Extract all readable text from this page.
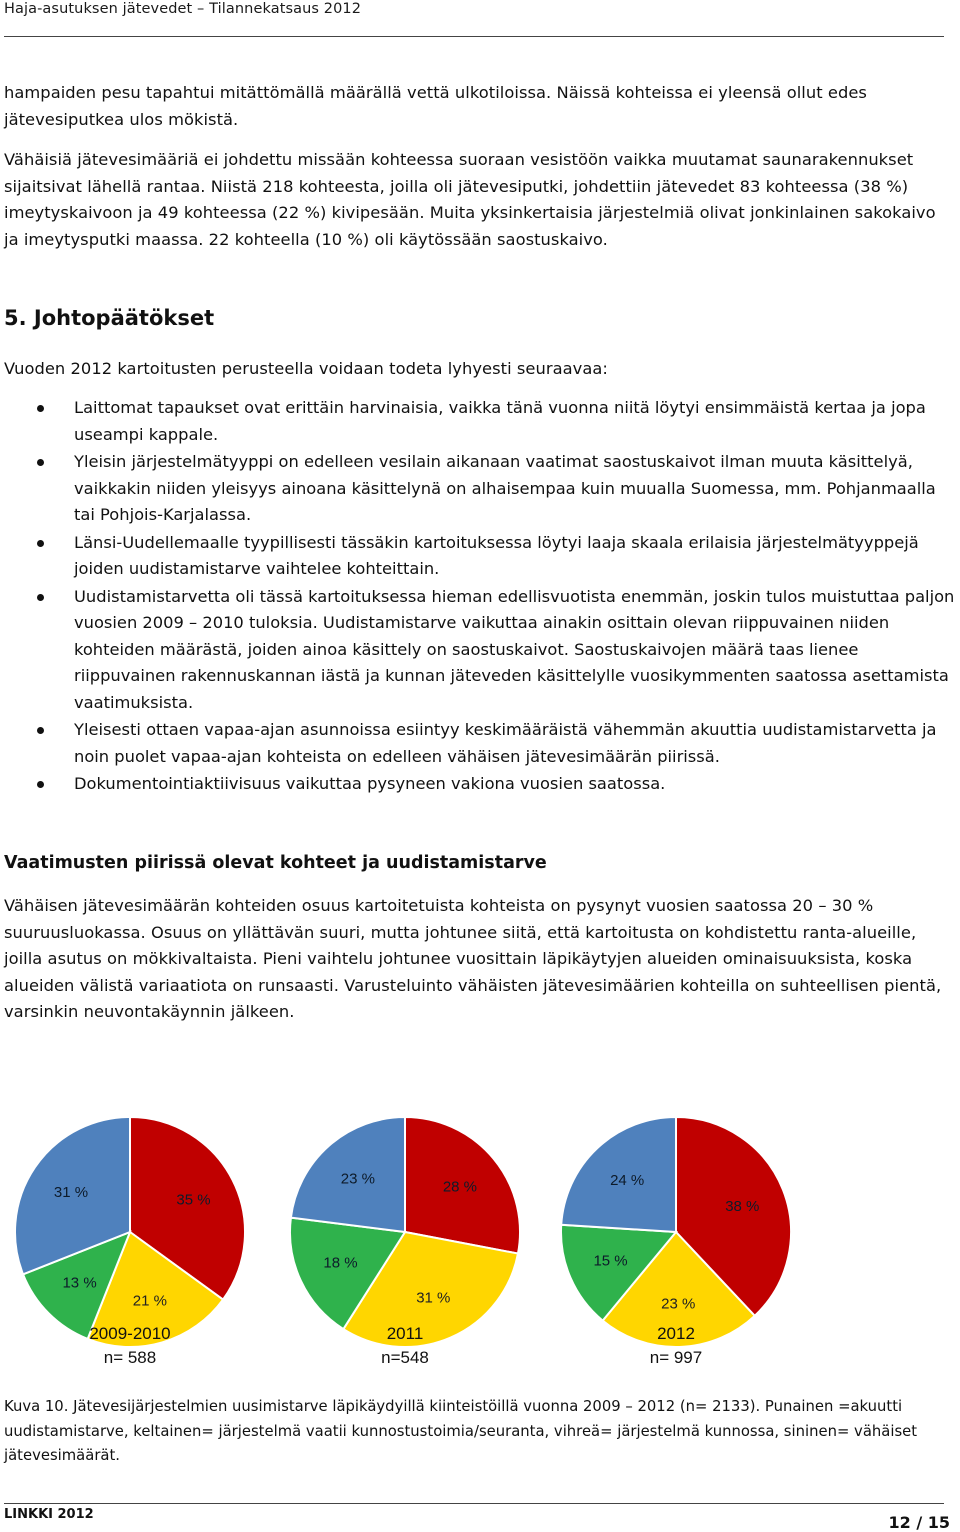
Haja-asutuksen jätevedet – Tilannekatsaus 2012

hampaiden pesu tapahtui mitättömällä määrällä vettä ulkotiloissa. Näissä kohteissa ei yleensä ollut edes jätevesiputkea ulos mökistä.

Vähäisiä jätevesimääriä ei johdettu missään kohteessa suoraan vesistöön vaikka muutamat saunarakennukset sijaitsivat lähellä rantaa. Niistä 218 kohteesta, joilla oli jätevesiputki, johdettiin jätevedet 83 kohteessa (38 %) imeytyskaivoon ja 49 kohteessa (22 %) kivipesään. Muita yksinkertaisia järjestelmiä olivat jonkinlainen sakokaivo ja imeytysputki maassa. 22 kohteella (10 %) oli käytössään saostuskaivo.

5. Johtopäätökset

Vuoden 2012 kartoitusten perusteella voidaan todeta lyhyesti seuraavaa:

Laittomat tapaukset ovat erittäin harvinaisia, vaikka tänä vuonna niitä löytyi ensimmäistä kertaa ja jopa useampi kappale.
Yleisin järjestelmätyyppi on edelleen vesilain aikanaan vaatimat saostuskaivot ilman muuta käsittelyä, vaikkakin niiden yleisyys ainoana käsittelynä on alhaisempaa kuin muualla Suomessa, mm. Pohjanmaalla tai Pohjois-Karjalassa.
Länsi-Uudellemaalle tyypillisesti tässäkin kartoituksessa löytyi laaja skaala erilaisia järjestelmätyyppejä joiden uudistamistarve vaihtelee kohteittain.
Uudistamistarvetta oli tässä kartoituksessa hieman edellisvuotista enemmän, joskin tulos muistuttaa paljon vuosien 2009 – 2010 tuloksia. Uudistamistarve vaikuttaa ainakin osittain olevan riippuvainen niiden kohteiden määrästä, joiden ainoa käsittely on saostuskaivot. Saostuskaivojen määrä taas lienee riippuvainen rakennuskannan iästä ja kunnan jäteveden käsittelylle vuosikymmenten saatossa asettamista vaatimuksista.
Yleisesti ottaen vapaa-ajan asunnoissa esiintyy keskimääräistä vähemmän akuuttia uudistamistarvetta ja noin puolet vapaa-ajan kohteista on edelleen vähäisen jätevesimäärän piirissä.
Dokumentointiaktiivisuus vaikuttaa pysyneen vakiona vuosien saatossa.
Vaatimusten piirissä olevat kohteet ja uudistamistarve

Vähäisen jätevesimäärän kohteiden osuus kartoitetuista kohteista on pysynyt vuosien saatossa 20 – 30 % suuruusluokassa. Osuus on yllättävän suuri, mutta johtunee siitä, että kartoitusta on kohdistettu ranta-alueille, joilla asutus on mökkivaltaista. Pieni vaihtelu johtunee vuosittain läpikäytyjen alueiden ominaisuuksista, koska alueiden välistä variaatiota on runsaasti. Varusteluinto vähäisten jätevesimäärien kohteilla on suhteellisen pientä, varsinkin neuvontakäynnin jälkeen.

35 %
21 %
13 %
31 %
2009-2010
n= 588
28 %
31 %
18 %
23 %
2011
n=548
38 %
23 %
15 %
24 %
2012
n= 997

Kuva 10. Jätevesijärjestelmien uusimistarve läpikäydyillä kiinteistöillä vuonna 2009 – 2012 (n= 2133). Punainen =akuutti uudistamistarve, keltainen= järjestelmä vaatii kunnostustoimia/seuranta, vihreä= järjestelmä kunnossa, sininen= vähäiset jätevesimäärät.

LINKKI 2012	12 / 15
